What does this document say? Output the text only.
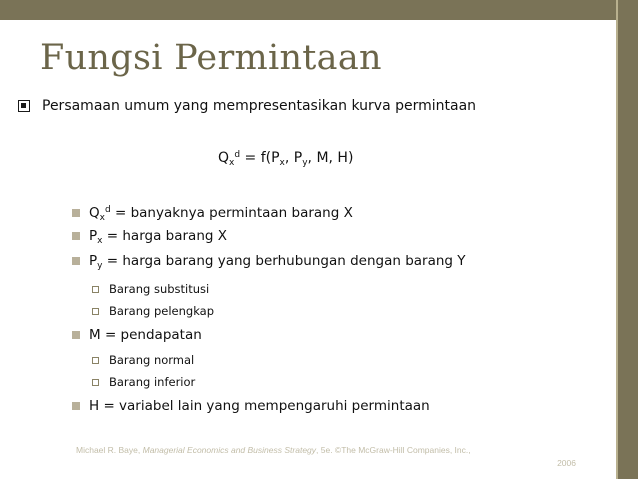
Fungsi Permintaan
Persamaan umum yang mempresentasikan kurva permintaan
$Q_x^d = f(P_x$, $P_y$, M, H)
$Q_x^d$ = banyaknya permintaan barang X
$P_x$ = harga barang X
$P_y$ = harga barang yang berhubungan dengan barang Y
Barang substitusi
Barang pelengkap
M = pendapatan
Barang normal
Barang inferior
H = variabel lain yang mempengaruhi permintaan
Michael R. Baye, Managerial Economics and Business Strategy, 5e. ©The McGraw-Hill Companies, Inc.,
2006
